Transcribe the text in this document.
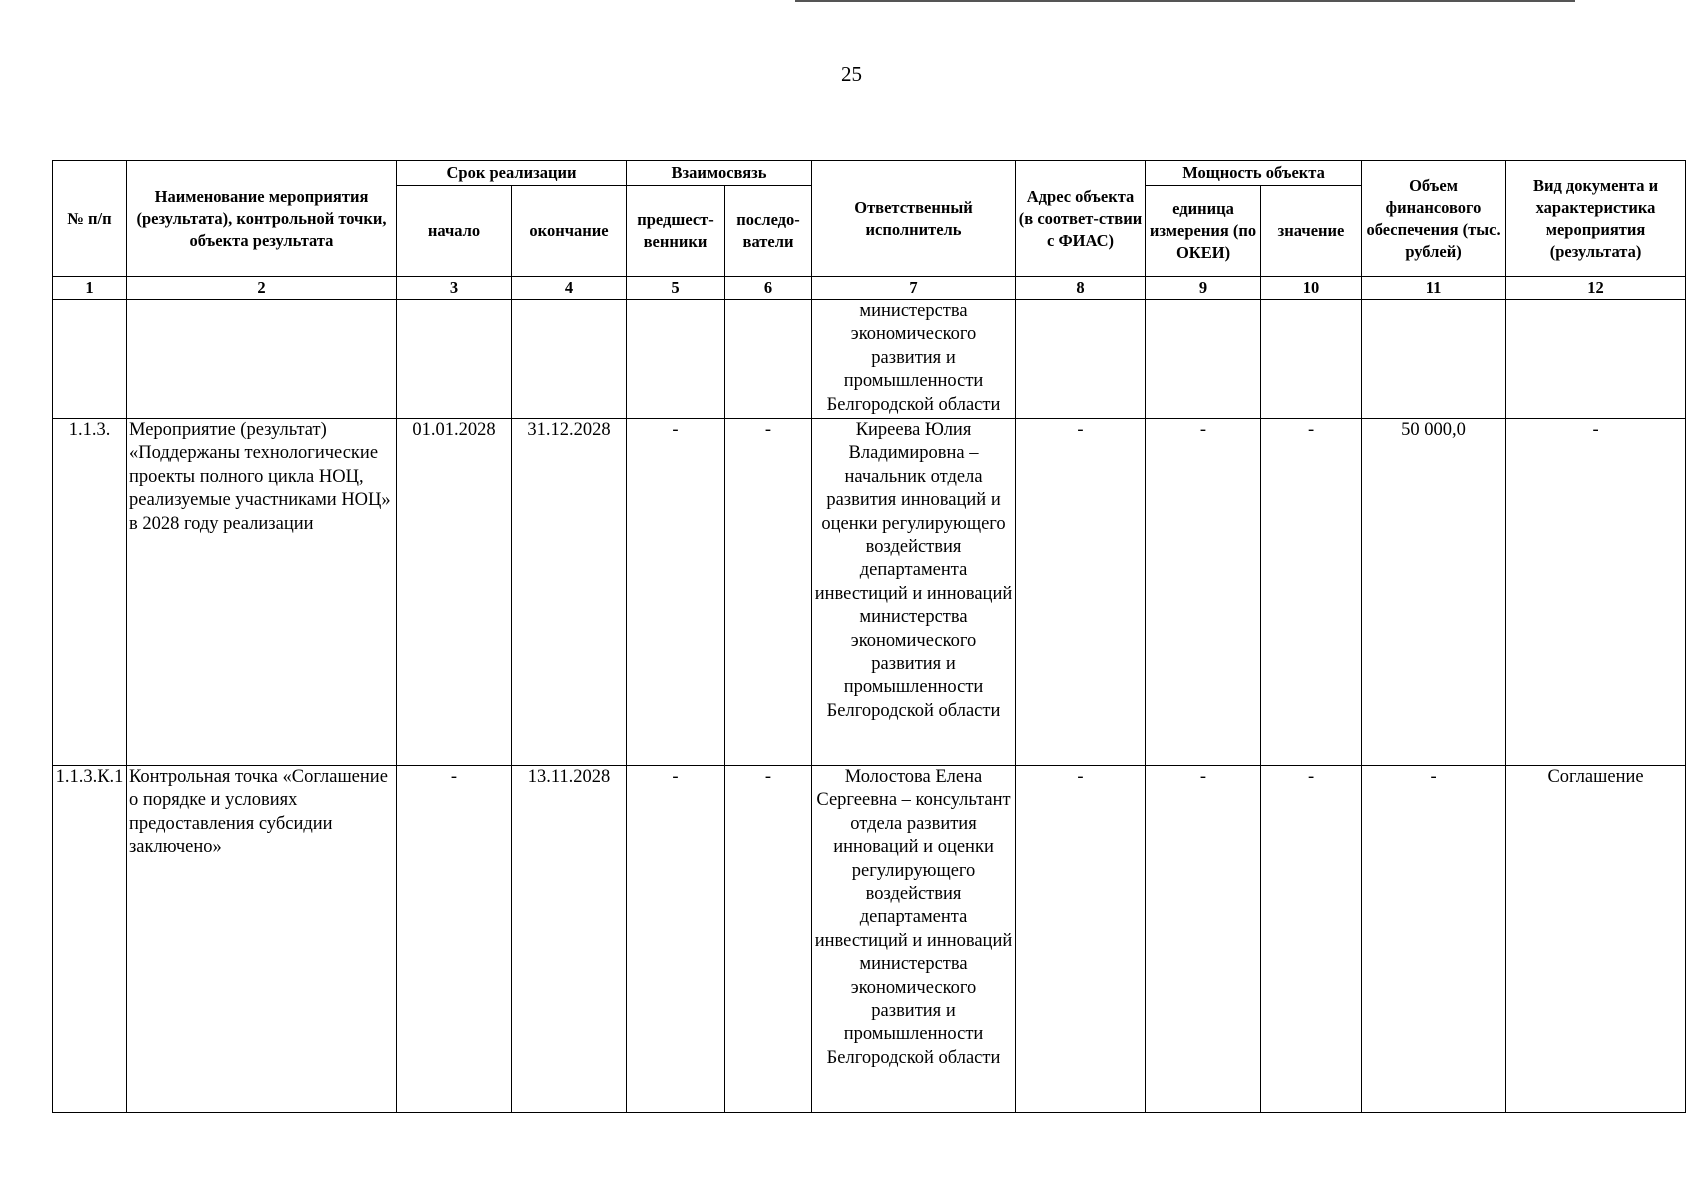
25
№ п/п	Наименование мероприятия (результата), контрольной точки, объекта результата	Срок реализации		Взаимосвязь		Ответственный исполнитель	Адрес объекта (в соответ-ствии с ФИАС)	Мощность объекта		Объем финансового обеспечения (тыс. рублей)	Вид документа и характеристика мероприятия (результата)
		начало	окончание	предшест-венники	последо-ватели			единица измерения (по ОКЕИ)	значение		
1	2	3	4	5	6	7	8	9	10	11	12
						министерства экономического развития и промышленности Белгородской области					
1.1.3.	Мероприятие (результат) «Поддержаны технологические проекты полного цикла НОЦ, реализуемые участниками НОЦ» в 2028 году реализации	01.01.2028	31.12.2028	-	-	Киреева Юлия Владимировна – начальник отдела развития инноваций и оценки регулирующего воздействия департамента инвестиций и инноваций министерства экономического развития и промышленности Белгородской области	-	-	-	50 000,0	-
1.1.3.К.1	Контрольная точка «Соглашение о порядке и условиях предоставления субсидии заключено»	-	13.11.2028	-	-	Молостова Елена Сергеевна – консультант отдела развития инноваций и оценки регулирующего воздействия департамента инвестиций и инноваций министерства экономического развития и промышленности Белгородской области	-	-	-	-	Соглашение
